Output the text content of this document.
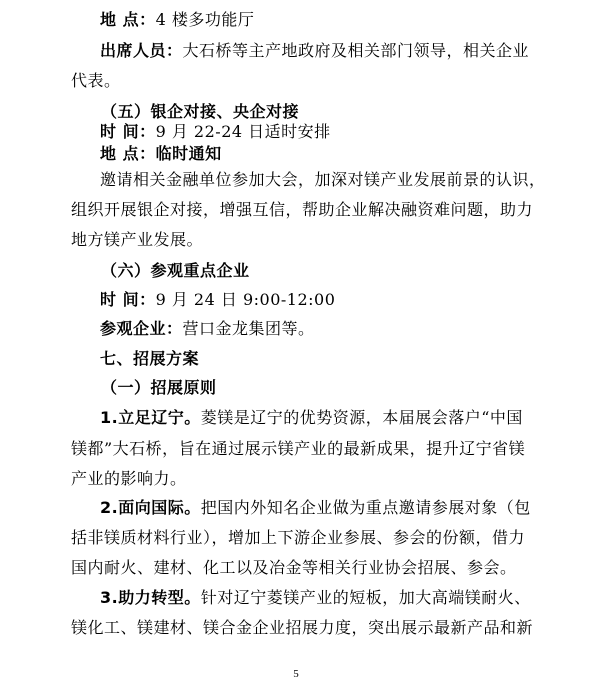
地 点：4 楼多功能厅
出席人员：大石桥等主产地政府及相关部门领导，相关企业
代表。
（五）银企对接、央企对接
时 间：9 月 22-24 日适时安排
地 点：临时通知
邀请相关金融单位参加大会，加深对镁产业发展前景的认识，
组织开展银企对接，增强互信，帮助企业解决融资难问题，助力
地方镁产业发展。
（六）参观重点企业
时 间：9 月 24 日 9:00-12:00
参观企业：营口金龙集团等。
七、招展方案
（一）招展原则
1.立足辽宁。菱镁是辽宁的优势资源，本届展会落户“中国
镁都”大石桥，旨在通过展示镁产业的最新成果，提升辽宁省镁
产业的影响力。
2.面向国际。把国内外知名企业做为重点邀请参展对象（包
括非镁质材料行业），增加上下游企业参展、参会的份额，借力
国内耐火、建材、化工以及冶金等相关行业协会招展、参会。
3.助力转型。针对辽宁菱镁产业的短板，加大高端镁耐火、
镁化工、镁建材、镁合金企业招展力度，突出展示最新产品和新
5
